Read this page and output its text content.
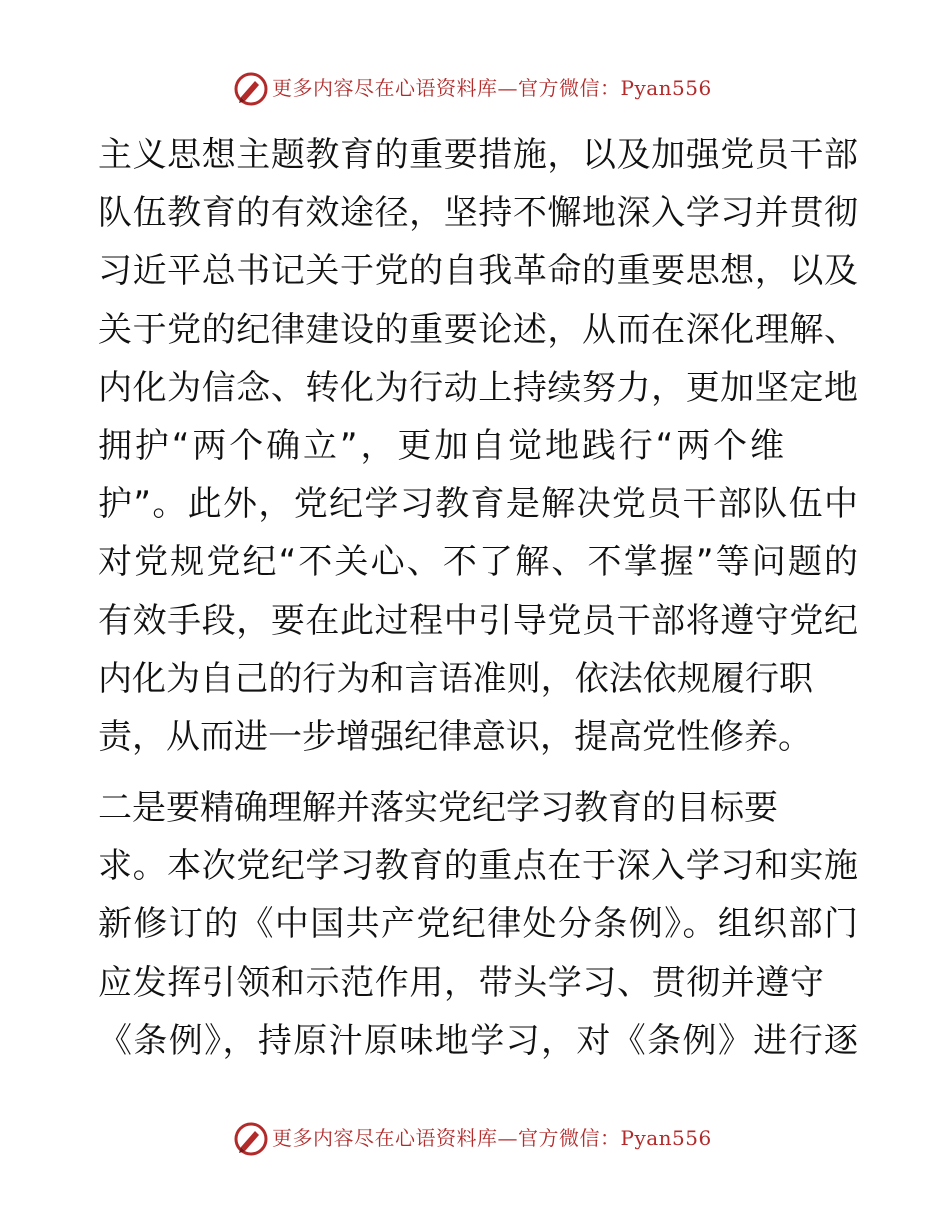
更多内容尽在心语资料库—官方微信：Pyan556
主义思想主题教育的重要措施，以及加强党员干部
队伍教育的有效途径，坚持不懈地深入学习并贯彻
习近平总书记关于党的自我革命的重要思想，以及
关于党的纪律建设的重要论述，从而在深化理解、
内化为信念、转化为行动上持续努力，更加坚定地
拥护“两个确立”，更加自觉地践行“两个维
护”。此外，党纪学习教育是解决党员干部队伍中
对党规党纪“不关心、不了解、不掌握”等问题的
有效手段，要在此过程中引导党员干部将遵守党纪
内化为自己的行为和言语准则，依法依规履行职
责，从而进一步增强纪律意识，提高党性修养。
二是要精确理解并落实党纪学习教育的目标要
求。本次党纪学习教育的重点在于深入学习和实施
新修订的《中国共产党纪律处分条例》。组织部门
应发挥引领和示范作用，带头学习、贯彻并遵守
《条例》，持原汁原味地学习，对《条例》进行逐
更多内容尽在心语资料库—官方微信：Pyan556
